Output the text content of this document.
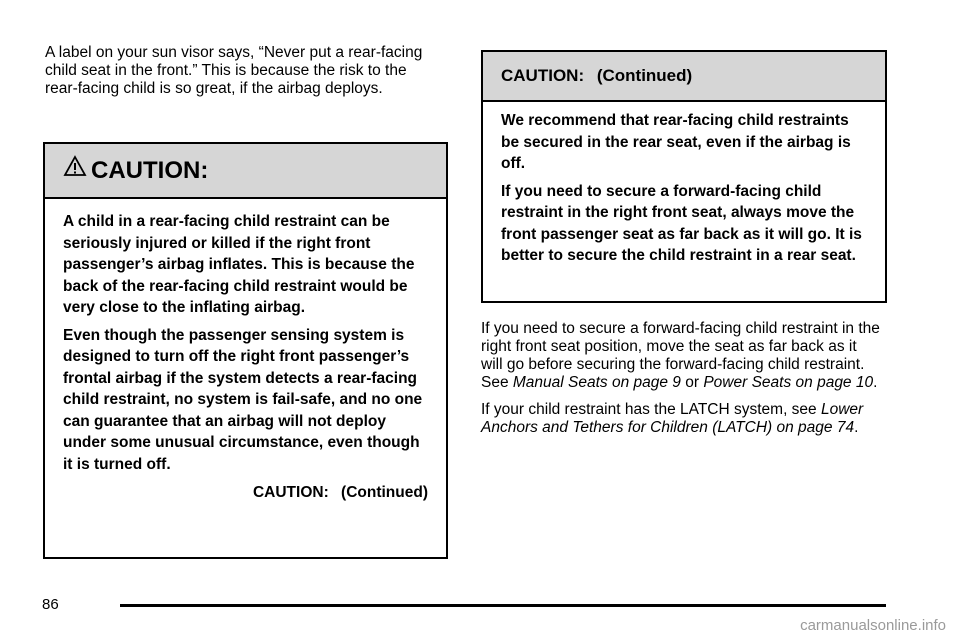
A label on your sun visor says, “Never put a rear-facing child seat in the front.” This is because the risk to the rear-facing child is so great, if the airbag deploys.

CAUTION:

A child in a rear-facing child restraint can be seriously injured or killed if the right front passenger’s airbag inflates. This is because the back of the rear-facing child restraint would be very close to the inflating airbag.

Even though the passenger sensing system is designed to turn off the right front passenger’s frontal airbag if the system detects a rear-facing child restraint, no system is fail-safe, and no one can guarantee that an airbag will not deploy under some unusual circumstance, even though it is turned off.

CAUTION: (Continued)

CAUTION: (Continued)

We recommend that rear-facing child restraints be secured in the rear seat, even if the airbag is off.

If you need to secure a forward-facing child restraint in the right front seat, always move the front passenger seat as far back as it will go. It is better to secure the child restraint in a rear seat.

If you need to secure a forward-facing child restraint in the right front seat position, move the seat as far back as it will go before securing the forward-facing child restraint. See Manual Seats on page 9 or Power Seats on page 10.

If your child restraint has the LATCH system, see Lower Anchors and Tethers for Children (LATCH) on page 74.

86
carmanualsonline.info
